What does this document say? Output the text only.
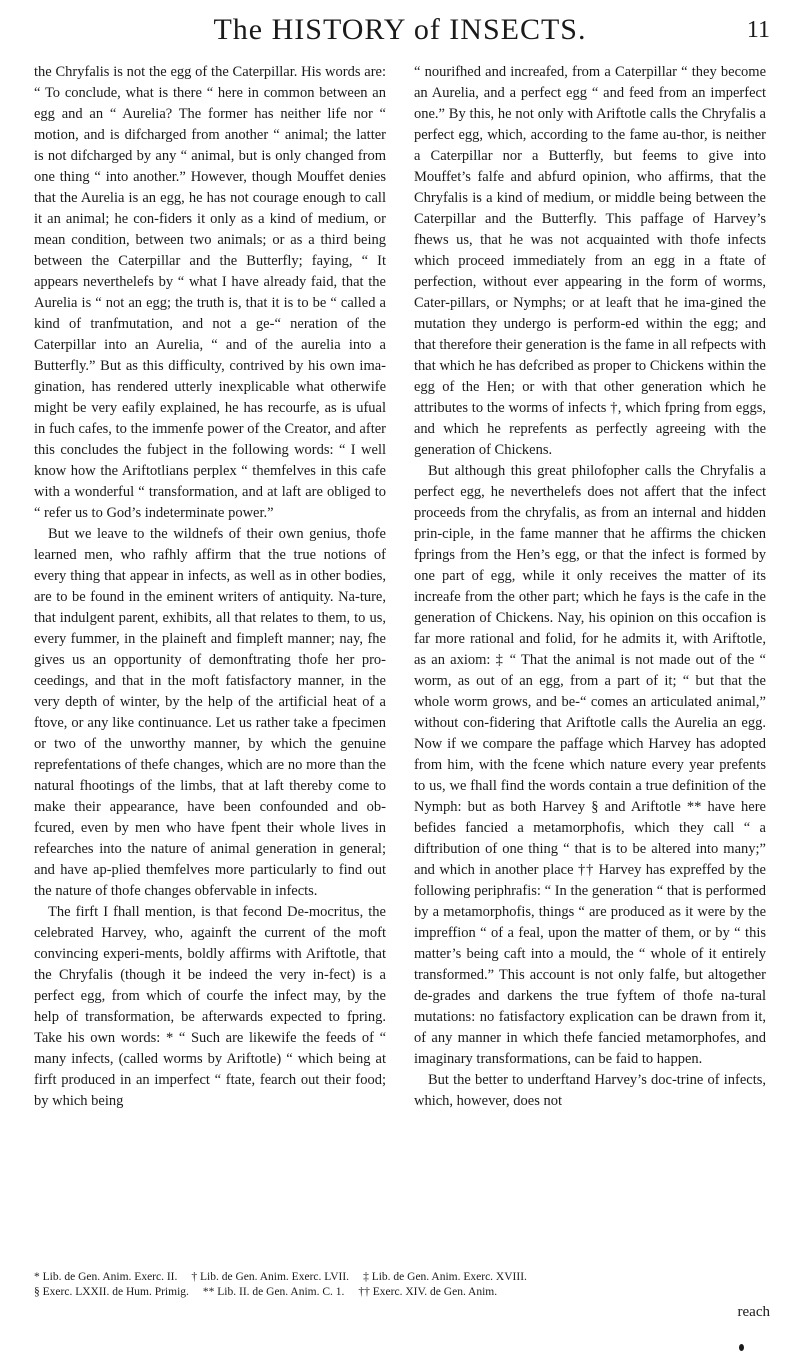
The HISTORY of INSECTS.	11

the Chryfalis is not the egg of the Caterpillar. His words are: “ To conclude, what is there “ here in common between an egg and an “ Aurelia? The former has neither life nor “ motion, and is difcharged from another “ animal; the latter is not difcharged by any “ animal, but is only changed from one thing “ into another.” However, though Mouffet denies that the Aurelia is an egg, he has not courage enough to call it an animal; he con-fiders it only as a kind of medium, or mean condition, between two animals; or as a third being between the Caterpillar and the Butterfly; faying, “ It appears neverthelefs by “ what I have already faid, that the Aurelia is “ not an egg; the truth is, that it is to be “ called a kind of tranfmutation, and not a ge-“ neration of the Caterpillar into an Aurelia, “ and of the aurelia into a Butterfly.” But as this difficulty, contrived by his own ima-gination, has rendered utterly inexplicable what otherwife might be very eafily explained, he has recourfe, as is ufual in fuch cafes, to the immenfe power of the Creator, and after this concludes the fubject in the following words: “ I well know how the Ariftotlians perplex “ themfelves in this cafe with a wonderful “ transformation, and at laft are obliged to “ refer us to God’s indeterminate power.”

But we leave to the wildnefs of their own genius, thofe learned men, who rafhly affirm that the true notions of every thing that appear in infects, as well as in other bodies, are to be found in the eminent writers of antiquity. Na-ture, that indulgent parent, exhibits, all that relates to them, to us, every fummer, in the plaineft and fimpleft manner; nay, fhe gives us an opportunity of demonftrating thofe her pro-ceedings, and that in the moft fatisfactory manner, in the very depth of winter, by the help of the artificial heat of a ftove, or any like continuance. Let us rather take a fpecimen or two of the unworthy manner, by which the genuine reprefentations of thefe changes, which are no more than the natural fhootings of the limbs, that at laft thereby come to make their appearance, have been confounded and ob-fcured, even by men who have fpent their whole lives in refearches into the nature of animal generation in general; and have ap-plied themfelves more particularly to find out the nature of thofe changes obfervable in infects.

The firft I fhall mention, is that fecond De-mocritus, the celebrated Harvey, who, againft the current of the moft convincing experi-ments, boldly affirms with Ariftotle, that the Chryfalis (though it be indeed the very in-fect) is a perfect egg, from which of courfe the infect may, by the help of transformation, be afterwards expected to fpring. Take his own words: * “ Such are likewife the feeds of “ many infects, (called worms by Ariftotle) “ which being at firft produced in an imperfect “ ftate, fearch out their food; by which being

“ nourifhed and increafed, from a Caterpillar “ they become an Aurelia, and a perfect egg “ and feed from an imperfect one.” By this, he not only with Ariftotle calls the Chryfalis a perfect egg, which, according to the fame au-thor, is neither a Caterpillar nor a Butterfly, but feems to give into Mouffet’s falfe and abfurd opinion, who affirms, that the Chryfalis is a kind of medium, or middle being between the Caterpillar and the Butterfly. This paffage of Harvey’s fhews us, that he was not acquainted with thofe infects which proceed immediately from an egg in a ftate of perfection, without ever appearing in the form of worms, Cater-pillars, or Nymphs; or at leaft that he ima-gined the mutation they undergo is perform-ed within the egg; and that therefore their generation is the fame in all refpects with that which he has defcribed as proper to Chickens within the egg of the Hen; or with that other generation which he attributes to the worms of infects †, which fpring from eggs, and which he reprefents as perfectly agreeing with the generation of Chickens.

But although this great philofopher calls the Chryfalis a perfect egg, he neverthelefs does not affert that the infect proceeds from the chryfalis, as from an internal and hidden prin-ciple, in the fame manner that he affirms the chicken fprings from the Hen’s egg, or that the infect is formed by one part of egg, while it only receives the matter of its increafe from the other part; which he fays is the cafe in the generation of Chickens. Nay, his opinion on this occafion is far more rational and folid, for he admits it, with Ariftotle, as an axiom: ‡ “ That the animal is not made out of the “ worm, as out of an egg, from a part of it; “ but that the whole worm grows, and be-“ comes an articulated animal,” without con-fidering that Ariftotle calls the Aurelia an egg. Now if we compare the paffage which Harvey has adopted from him, with the fcene which nature every year prefents to us, we fhall find the words contain a true definition of the Nymph: but as both Harvey § and Ariftotle ** have here befides fancied a metamorphofis, which they call “ a diftribution of one thing “ that is to be altered into many;” and which in another place †† Harvey has expreffed by the following periphrafis: “ In the generation “ that is performed by a metamorphofis, things “ are produced as it were by the impreffion “ of a feal, upon the matter of them, or by “ this matter’s being caft into a mould, the “ whole of it entirely transformed.” This account is not only falfe, but altogether de-grades and darkens the true fyftem of thofe na-tural mutations: no fatisfactory explication can be drawn from it, of any manner in which thefe fancied metamorphofes, and imaginary transformations, can be faid to happen.

But the better to underftand Harvey’s doc-trine of infects, which, however, does not

* Lib. de Gen. Anim. Exerc. II. † Lib. de Gen. Anim. Exerc. LVII. ‡ Lib. de Gen. Anim. Exerc. XVIII.
§ Exerc. LXXII. de Hum. Primig. ** Lib. II. de Gen. Anim. C. 1. †† Exerc. XIV. de Gen. Anim.
reach
